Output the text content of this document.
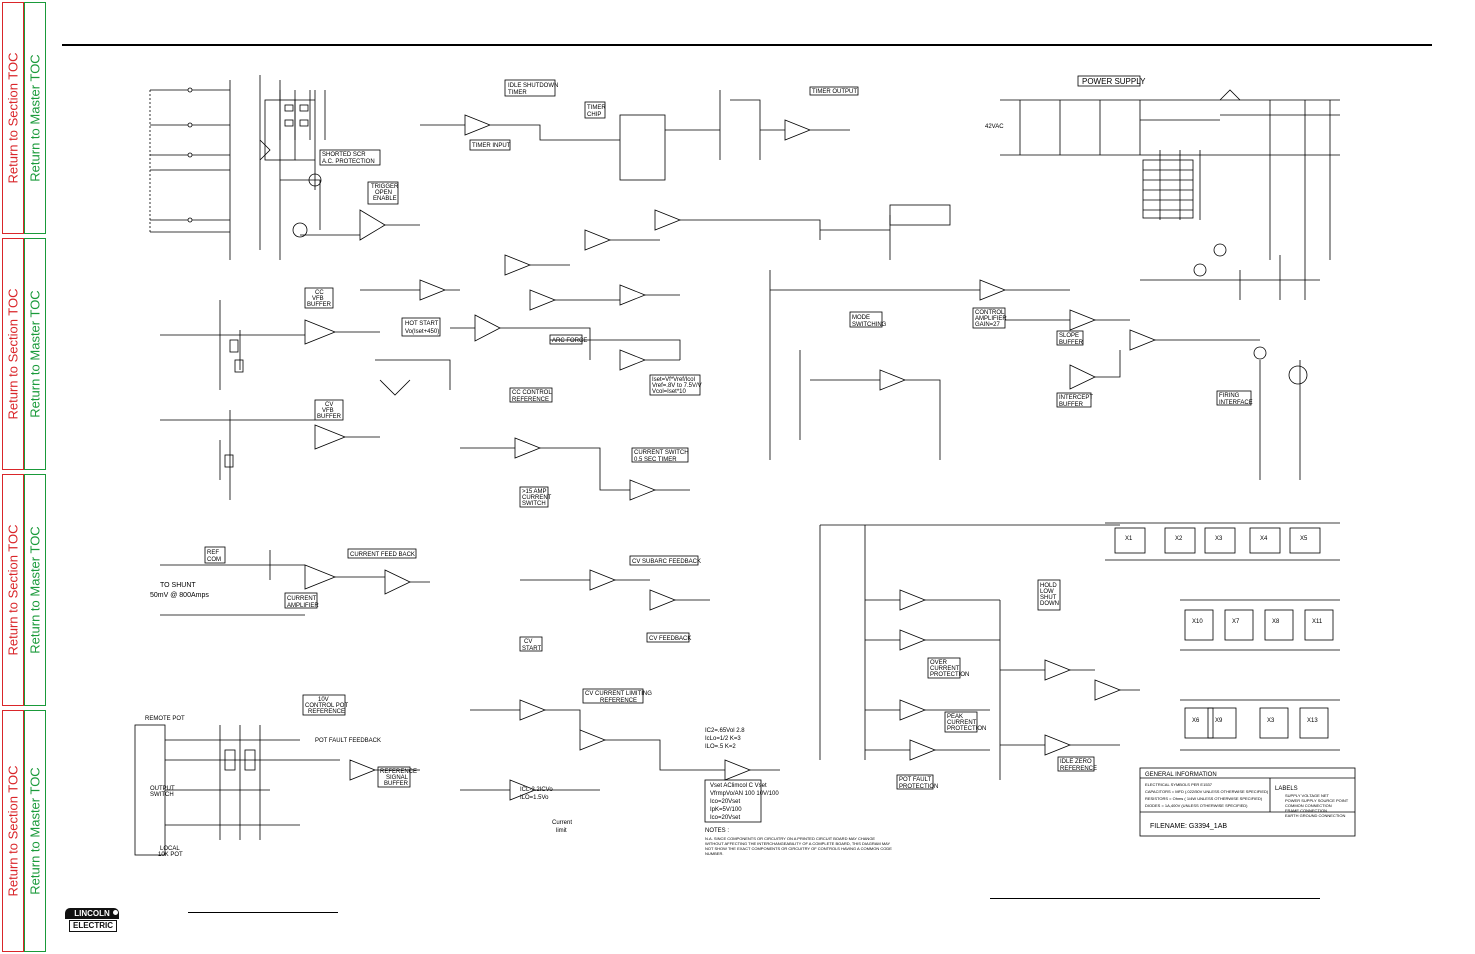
Return to Section TOC Return to Master TOC
Return to Section TOC Return to Master TOC
Return to Section TOC Return to Master TOC
Return to Section TOC Return to Master TOC
SHORTED SCR
A.C. PROTECTION
TRIGGER
OPEN
ENABLE
IDLE SHUTDOWN
TIMER
TIMER
CHIP
TIMER INPUT
TIMER OUTPUT
CC
VFB
BUFFER
HOT START
Vo(Iset+450)
CV
VFB
BUFFER
ARC FORCE
CC CONTROL
REFERENCE
Iset=Vf*Vref/Icol
Vref=.8V to 7.5V/V
Vcol=Iset*10
MODE
SWITCHING
CONTROL
AMPLIFIER
GAIN=27
SLOPE
BUFFER
INTERCEPT
BUFFER
FIRING
INTERFACE
POWER SUPPLY
42VAC
X1	X2	X3	X4	X5
X10	X7	X8	X11
X6	X9	X3	X13
REF
COM
CURRENT FEED BACK
CURRENT
AMPLIFIER
TO SHUNT
50mV @ 800Amps
CV
START
CV SUBARC FEEDBACK
CV FEEDBACK
>15 AMP
CURRENT
SWITCH
CURRENT SWITCH
0.5 SEC TIMER
10V
CONTROL POT
REFERENCE
REFERENCE
SIGNAL
BUFFER
REMOTE POT
OUTPUT
SWITCH
LOCAL
10K POT
POT FAULT FEEDBACK
CV CURRENT LIMITING
REFERENCE
ICL-2.2ICVo
ILO=1.5Vo
IC2=.65Vol 2.8
IcLo=1/2 K=3
ILO=.5 K=2
Vset AClimcol C Vset
VfrmpVo/AN 100 10V/100
Ico=20Vset
IpK=5V/100
Ico=20Vset
Current
limit
HOLD
LOW
SHUT
DOWN
OVER
CURRENT
PROTECTION
PEAK
CURRENT
PROTECTION
POT FAULT
PROTECTION
IDLE ZERO
REFERENCE
GENERAL INFORMATION
ELECTRICAL SYMBOLS PER E1537
CAPACITORS = MFD (.022/50V UNLESS OTHERWISE SPECIFIED)
RESISTORS = Ohms ( 1/4W UNLESS OTHERWISE SPECIFIED)
DIODES = 1A,400V (UNLESS OTHERWISE SPECIFIED)
LABELS
SUPPLY VOLTAGE NET
POWER SUPPLY SOURCE POINT
COMMON CONNECTION
FRAME CONNECTION
EARTH GROUND CONNECTION
FILENAME: G3394_1AB
NOTES :
N.A. SINCE COMPONENTS OR CIRCUITRY ON A PRINTED CIRCUIT BOARD MAY CHANGE
WITHOUT AFFECTING THE INTERCHANGEABILITY OF A COMPLETE BOARD, THIS DIAGRAM MAY
NOT SHOW THE EXACT COMPONENTS OR CIRCUITRY OF CONTROLS HAVING A COMMON CODE
NUMBER.
LINCOLN
ELECTRIC
